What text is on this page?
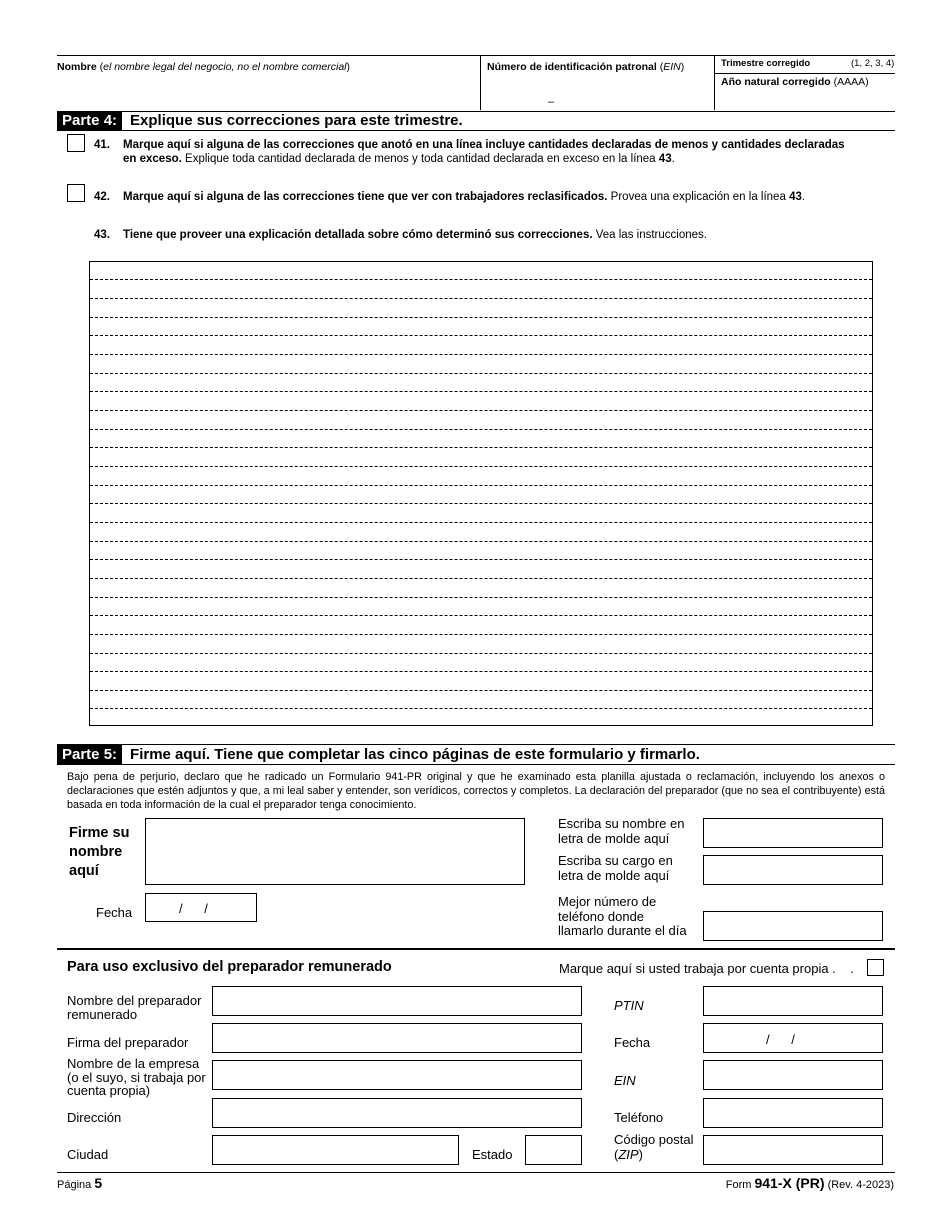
Nombre (el nombre legal del negocio, no el nombre comercial)	Número de identificación patronal (EIN)
–
Trimestre corregido	(1, 2, 3, 4)
Año natural corregido (AAAA)
Parte 4: Explique sus correcciones para este trimestre.
41. Marque aquí si alguna de las correcciones que anotó en una línea incluye cantidades declaradas de menos y cantidades declaradas en exceso. Explique toda cantidad declarada de menos y toda cantidad declarada en exceso en la línea 43.
42. Marque aquí si alguna de las correcciones tiene que ver con trabajadores reclasificados. Provea una explicación en la línea 43.
43. Tiene que proveer una explicación detallada sobre cómo determinó sus correcciones. Vea las instrucciones.
Parte 5: Firme aquí. Tiene que completar las cinco páginas de este formulario y firmarlo.
Bajo pena de perjurio, declaro que he radicado un Formulario 941-PR original y que he examinado esta planilla ajustada o reclamación, incluyendo los anexos o declaraciones que estén adjuntos y que, a mi leal saber y entender, son verídicos, correctos y completos. La declaración del preparador (que no sea el contribuyente) está basada en toda información de la cual el preparador tenga conocimiento.
Firme su
nombre
aquí
Fecha	/      /
Escriba su nombre en
letra de molde aquí
Escriba su cargo en
letra de molde aquí
Mejor número de
teléfono donde
llamarlo durante el día
Para uso exclusivo del preparador remunerado	Marque aquí si usted trabaja por cuenta propia .    .
Nombre del preparador
remunerado
Firma del preparador
Nombre de la empresa
(o el suyo, si trabaja por
cuenta propia)
Dirección
Ciudad	Estado
PTIN
Fecha	/      /
EIN
Teléfono
Código postal
(ZIP)
Página 5	Form 941-X (PR) (Rev. 4-2023)
